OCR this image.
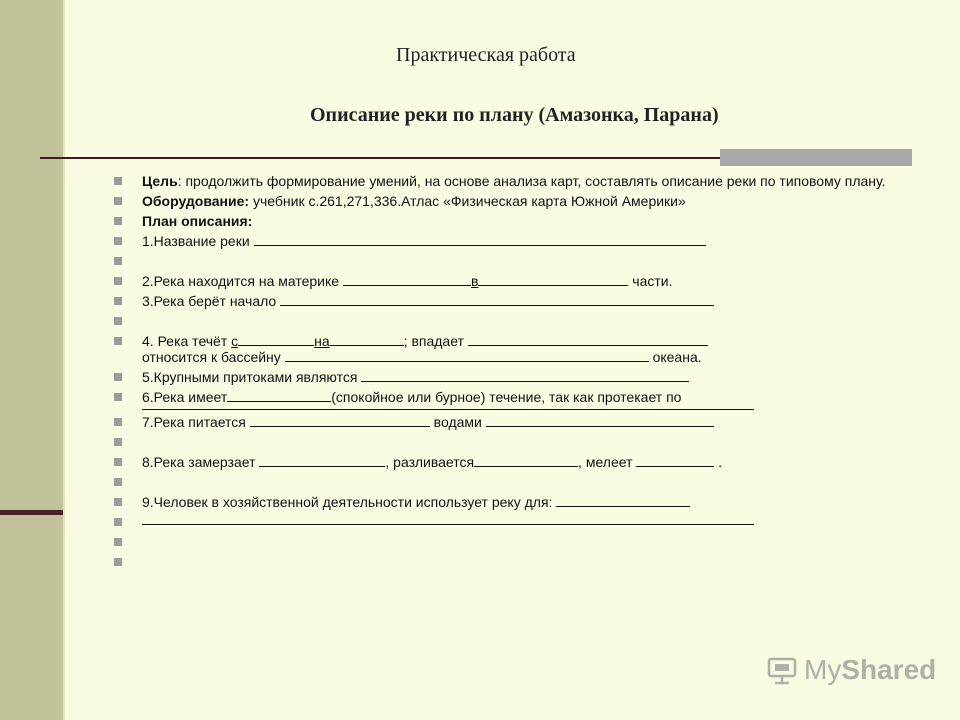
Практическая работа
Описание реки по плану (Амазонка, Парана)
Цель: продолжить формирование умений, на основе анализа карт, составлять описание реки по типовому плану.
Оборудование: учебник с.261,271,336.Атлас «Физическая карта Южной Америки»
План описания:
1.Название реки
2.Река находится на материке	в	части.
3.Река берёт начало
4. Река течёт с	на	; впадает
относится к бассейну	океана.
5.Крупными притоками являются
6.Река имеет	(спокойное или бурное) течение, так как протекает по
7.Река питается	водами
8.Река замерзает	, разливается	, мелеет	.
9.Человек в хозяйственной деятельности использует реку для:
My Shared
